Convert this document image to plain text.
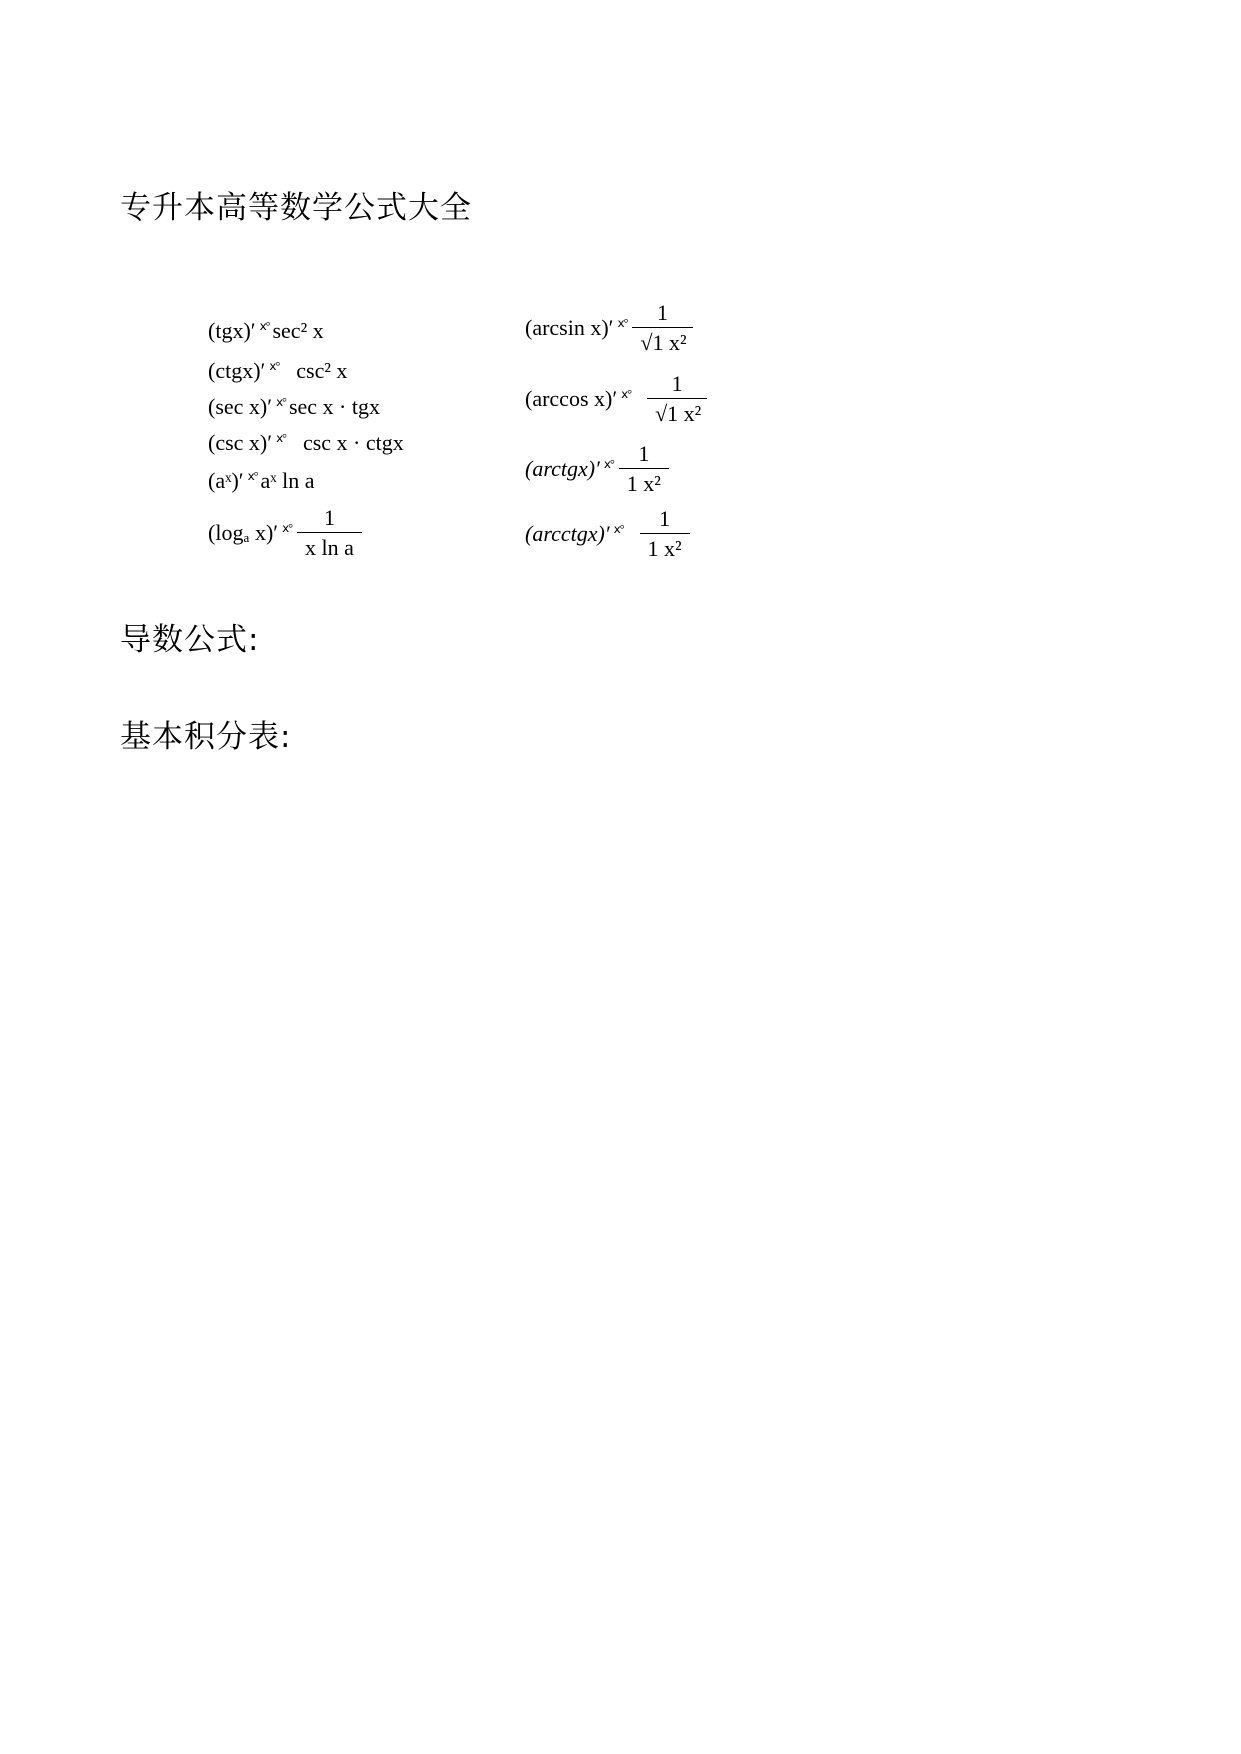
专升本高等数学公式大全
(tgx)′ ⅹ° sec² x
(ctgx)′ ⅹ° csc² x
(sec x)′ ⅹ° sec x · tgx
(csc x)′ ⅹ° csc x · ctgx
(aˣ)′ ⅹ° aˣ ln a
(logₐ x)′ ⅹ° $\frac{1}{\text{x ln a}}$
(arcsin x)′ ⅹ° $\frac{1}{\text{√1 x²}}$
(arccos x)′ ⅹ° $\frac{1}{\text{√1 x²}}$
(arctgx)′ ⅹ° $\frac{1}{\text{1 x²}}$
(arcctgx)′ ⅹ° $\frac{1}{\text{1 x²}}$
导数公式:
基本积分表:
